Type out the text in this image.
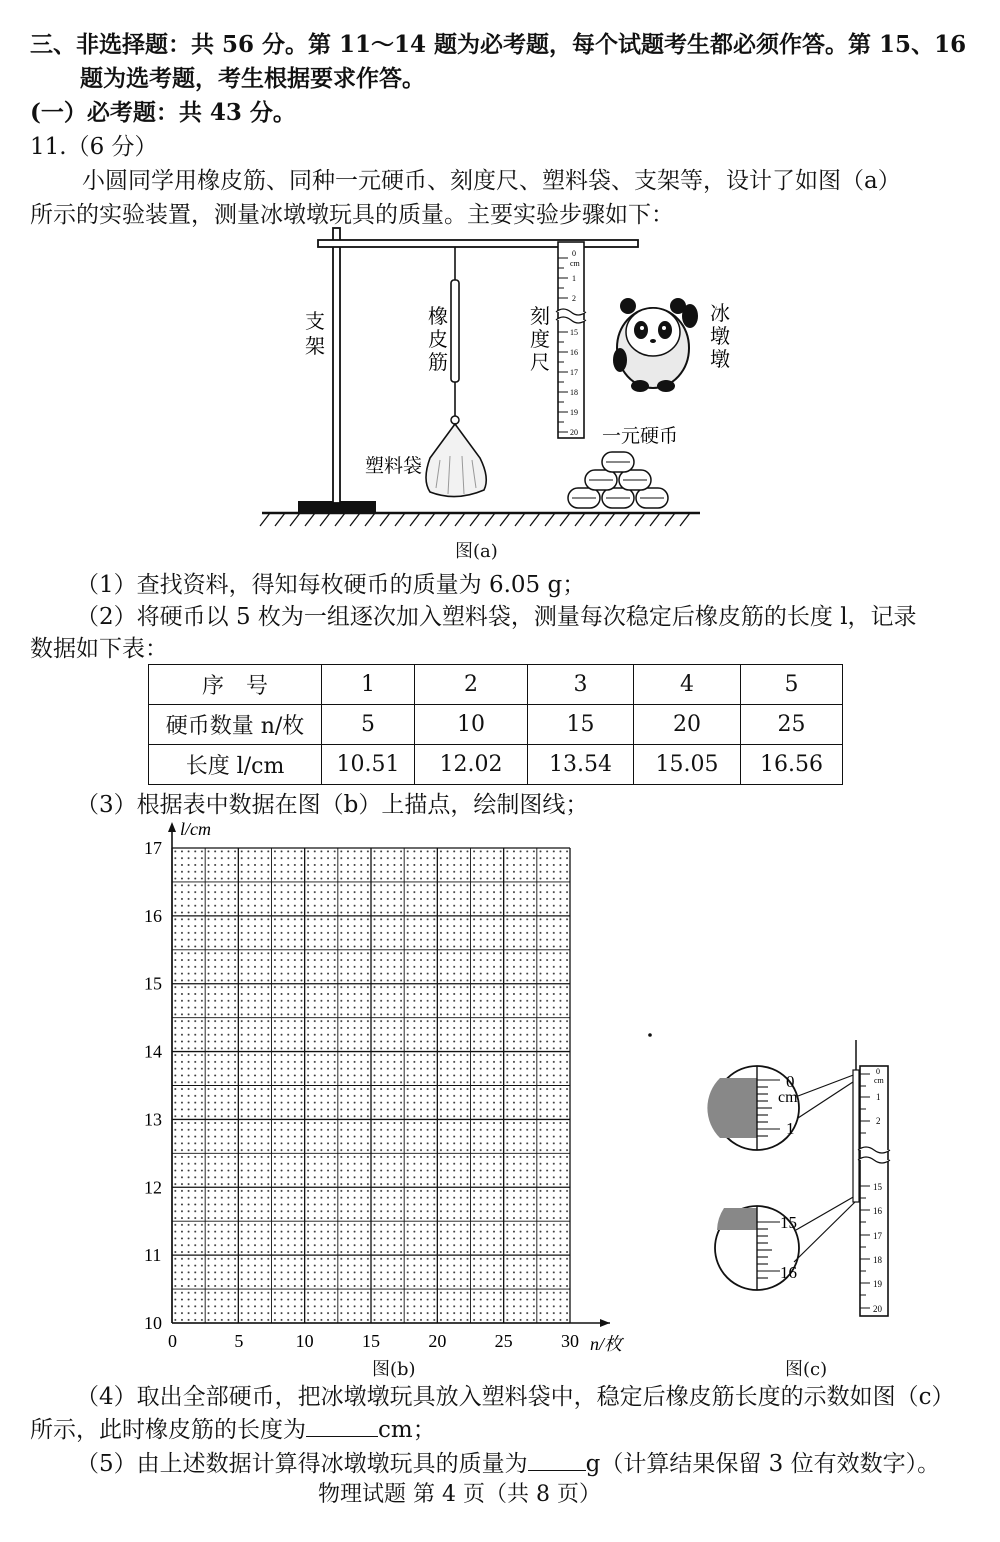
三、非选择题：共 56 分。第 11～14 题为必考题，每个试题考生都必须作答。第 15、16
题为选考题，考生根据要求作答。
(一）必考题：共 43 分。
11.（6 分）
小圆同学用橡皮筋、同种一元硬币、刻度尺、塑料袋、支架等，设计了如图（a）
所示的实验装置，测量冰墩墩玩具的质量。主要实验步骤如下：
支
架
橡
皮
筋
塑料袋
cm
0
1
2
15
16
17
18
19
20
刻
度
尺
冰
墩
墩
一元硬币
图(a)
（1）查找资料，得知每枚硬币的质量为 6.05 g；
（2）将硬币以 5 枚为一组逐次加入塑料袋，测量每次稳定后橡皮筋的长度 l，记录
数据如下表：
序　号	1	2	3	4	5
硬币数量 n/枚	5	10	15	20	25
长度 l/cm	10.51	12.02	13.54	15.05	16.56
（3）根据表中数据在图（b）上描点，绘制图线；
0	5	10	15	20	25	30
10
11
12
13
14
15
16
17
l/cm
n/枚
图(b)
0
cm
1
15
16
0
cm
1
2
15
16
17
18
19
20
图(c)
（4）取出全部硬币，把冰墩墩玩具放入塑料袋中，稳定后橡皮筋长度的示数如图（c）
所示，此时橡皮筋的长度为	cm；
（5）由上述数据计算得冰墩墩玩具的质量为	g（计算结果保留 3 位有效数字）。
物理试题 第 4 页（共 8 页）
